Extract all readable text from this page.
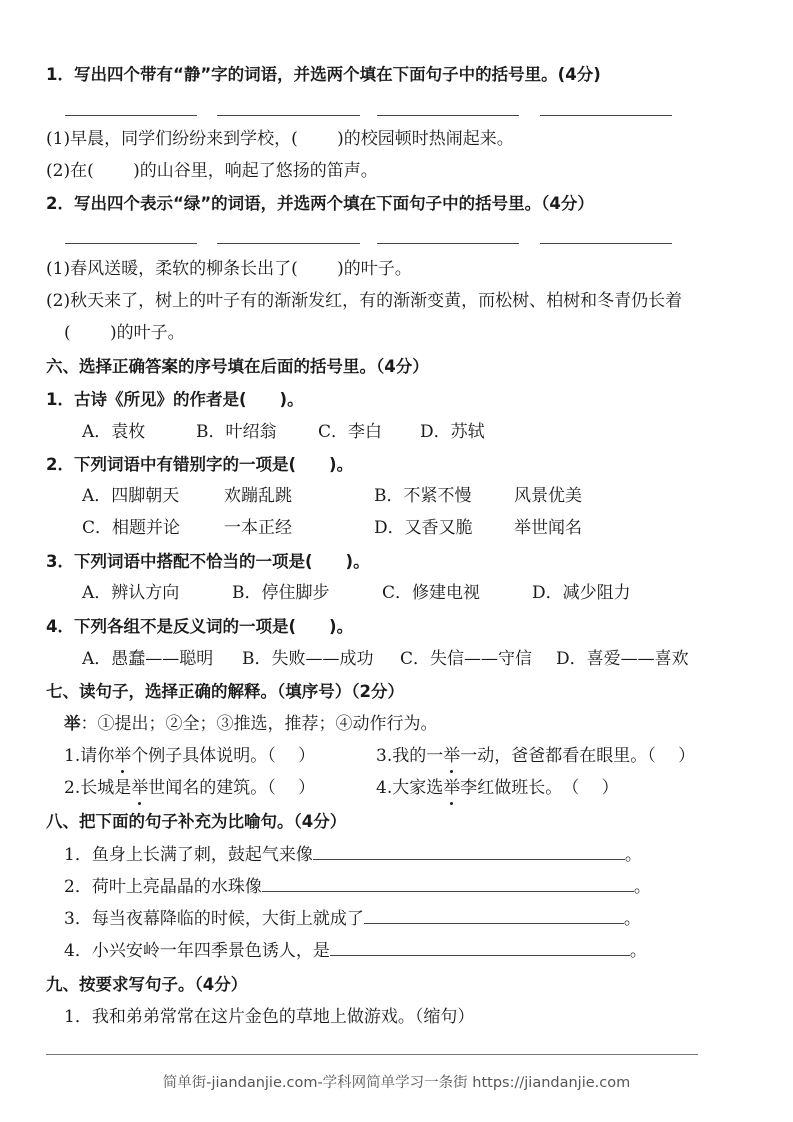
1．写出四个带有“静”字的词语，并选两个填在下面句子中的括号里。(4分)
(1)早晨，同学们纷纷来到学校，(　　 )的校园顿时热闹起来。
(2)在(　　 )的山谷里，响起了悠扬的笛声。
2．写出四个表示“绿”的词语，并选两个填在下面句子中的括号里。（4分）
(1)春风送暖，柔软的柳条长出了(　　 )的叶子。
(2)秋天来了，树上的叶子有的渐渐发红，有的渐渐变黄，而松树、柏树和冬青仍长着
(　　 )的叶子。
六、选择正确答案的序号填在后面的括号里。（4分）
1．古诗《所见》的作者是(　　)。
A．袁枚	B．叶绍翁 C．李白 D．苏轼
2．下列词语中有错别字的一项是(　　)。
A．四脚朝天	欢蹦乱跳	B．不紧不慢	风景优美
C．相题并论	一本正经	D．又香又脆 举世闻名
3．下列词语中搭配不恰当的一项是(　　)。
A．辨认方向	B．停住脚步	C．修建电视	D．减少阻力
4．下列各组不是反义词的一项是(　　)。
A．愚蠢——聪明 B．失败——成功 C．失信——守信 D．喜爱——喜欢
七、读句子，选择正确的解释。（填序号）（2分）
举：①提出；②全；③推选，推荐；④动作行为。
1.请你举个例子具体说明。（　 ）	3.我的一举一动，爸爸都看在眼里。（　 ）
2.长城是举世闻名的建筑。（　 ）	4.大家选举李红做班长。　（　 ）
八、把下面的句子补充为比喻句。（4分）
1．鱼身上长满了刺，鼓起气来像	。
2．荷叶上亮晶晶的水珠像	。
3．每当夜幕降临的时候，大街上就成了	。
4．小兴安岭一年四季景色诱人，是	。
九、按要求写句子。（4分）
1．我和弟弟常常在这片金色的草地上做游戏。（缩句）
简单街-jiandanjie.com-学科网简单学习一条街 https://jiandanjie.com
